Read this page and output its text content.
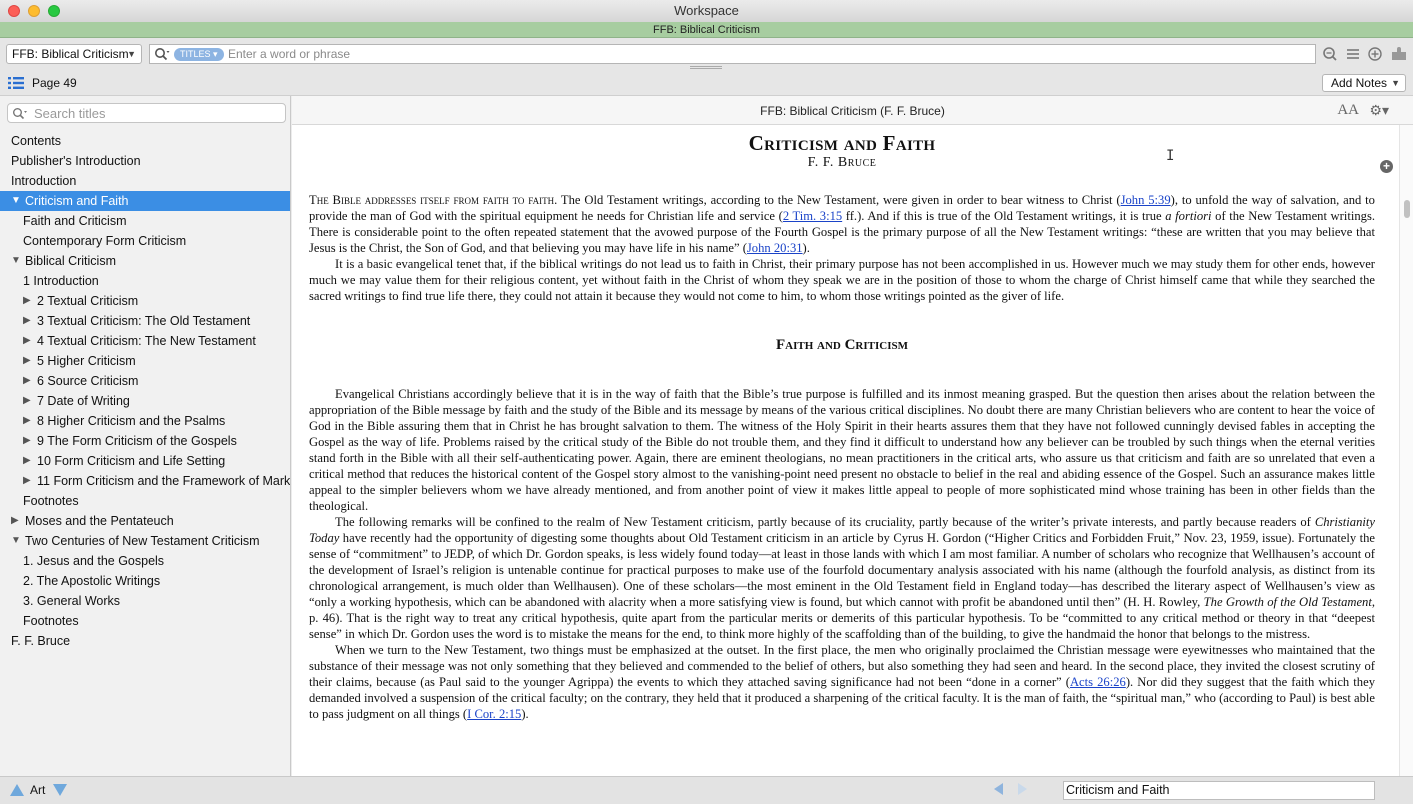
Workspace
FFB: Biblical Criticism
FFB: Biblical Criticism
▼	TITLES ▾
Enter a word or phrase
Page 49	Add Notes ▼
Search titles
Contents
Publisher's Introduction
Introduction
▼ Criticism and Faith
Faith and Criticism
Contemporary Form Criticism
▼ Biblical Criticism
1 Introduction
▶ 2 Textual Criticism
▶ 3 Textual Criticism: The Old Testament
▶ 4 Textual Criticism: The New Testament
▶ 5 Higher Criticism
▶ 6 Source Criticism
▶ 7 Date of Writing
▶ 8 Higher Criticism and the Psalms
▶ 9 The Form Criticism of the Gospels
▶ 10 Form Criticism and Life Setting
▶ 11 Form Criticism and the Framework of Mark
Footnotes
▶ Moses and the Pentateuch
▼ Two Centuries of New Testament Criticism
1. Jesus and the Gospels
2. The Apostolic Writings
3. General Works
Footnotes
F. F. Bruce
FFB: Biblical Criticism (F. F. Bruce)	AA ⚙▾
Criticism and Faith
F. F. Bruce

The Bible addresses itself from faith to faith. The Old Testament writings, according to the New Testament, were given in order to bear witness to Christ (John 5:39), to unfold the way of salvation, and to provide the man of God with the spiritual equipment he needs for Christian life and service (2 Tim. 3:15 ff.). And if this is true of the Old Testament writings, it is true a fortiori of the New Testament writings. There is considerable point to the often repeated statement that the avowed purpose of the Fourth Gospel is the primary purpose of all the New Testament writings: “these are written that you may believe that Jesus is the Christ, the Son of God, and that believing you may have life in his name” (John 20:31).

It is a basic evangelical tenet that, if the biblical writings do not lead us to faith in Christ, their primary purpose has not been accomplished in us. However much we may study them for other ends, however much we may value them for their religious content, yet without faith in the Christ of whom they speak we are in the position of those to whom the charge of Christ himself came that while they searched the sacred writings to find true life there, they could not attain it because they would not come to him, to whom those writings pointed as the giver of life.

Faith and Criticism

Evangelical Christians accordingly believe that it is in the way of faith that the Bible’s true purpose is fulfilled and its inmost meaning grasped. But the question then arises about the relation between the appropriation of the Bible message by faith and the study of the Bible and its message by means of the various critical disciplines. No doubt there are many Christian believers who are content to hear the voice of God in the Bible assuring them that in Christ he has brought salvation to them. The witness of the Holy Spirit in their hearts assures them that they have not followed cunningly devised fables in accepting the Gospel as the way of life. Problems raised by the critical study of the Bible do not trouble them, and they find it difficult to understand how any believer can be troubled by such things when the eternal verities stand forth in the Bible with all their self-authenticating power. Again, there are eminent theologians, no mean practitioners in the critical arts, who assure us that criticism and faith are so unrelated that even a critical method that reduces the historical content of the Gospel story almost to the vanishing-point need present no obstacle to belief in the real and abiding essence of the Gospel. Such an assurance makes little appeal to the simpler believers whom we have already mentioned, and from another point of view it makes little appeal to people of more sophisticated mind whose training has been in other fields than the theological.

The following remarks will be confined to the realm of New Testament criticism, partly because of its cruciality, partly because of the writer’s private interests, and partly because readers of Christianity Today have recently had the opportunity of digesting some thoughts about Old Testament criticism in an article by Cyrus H. Gordon (“Higher Critics and Forbidden Fruit,” Nov. 23, 1959, issue). Fortunately the sense of “commitment” to JEDP, of which Dr. Gordon speaks, is less widely found today—at least in those lands with which I am most familiar. A number of scholars who recognize that Wellhausen’s account of the development of Israel’s religion is untenable continue for practical purposes to make use of the fourfold documentary analysis associated with his name (although the fourfold analysis, as distinct from its chronological arrangement, is much older than Wellhausen). One of these scholars—the most eminent in the Old Testament field in England today—has described the literary aspect of Wellhausen’s view as “only a working hypothesis, which can be abandoned with alacrity when a more satisfying view is found, but which cannot with profit be abandoned until then” (H. H. Rowley, The Growth of the Old Testament, p. 46). That is the right way to treat any critical hypothesis, quite apart from the particular merits or demerits of this particular hypothesis. To be “committed to any critical method or theory in that “deepest sense” in which Dr. Gordon uses the word is to mistake the means for the end, to think more highly of the scaffolding than of the building, to give the handmaid the honor that belongs to the mistress.

When we turn to the New Testament, two things must be emphasized at the outset. In the first place, the men who originally proclaimed the Christian message were eyewitnesses who maintained that the substance of their message was not only something that they believed and commended to the belief of others, but also something they had seen and heard. In the second place, they invited the closest scrutiny of their claims, because (as Paul said to the younger Agrippa) the events to which they attached saving significance had not been “done in a corner” (Acts 26:26). Nor did they suggest that the faith which they demanded involved a suspension of the critical faculty; on the contrary, they held that it produced a sharpening of the critical faculty. It is the man of faith, the “spiritual man,” who (according to Paul) is best able to pass judgment on all things (I Cor. 2:15).

+
I
Art	Criticism and Faith
